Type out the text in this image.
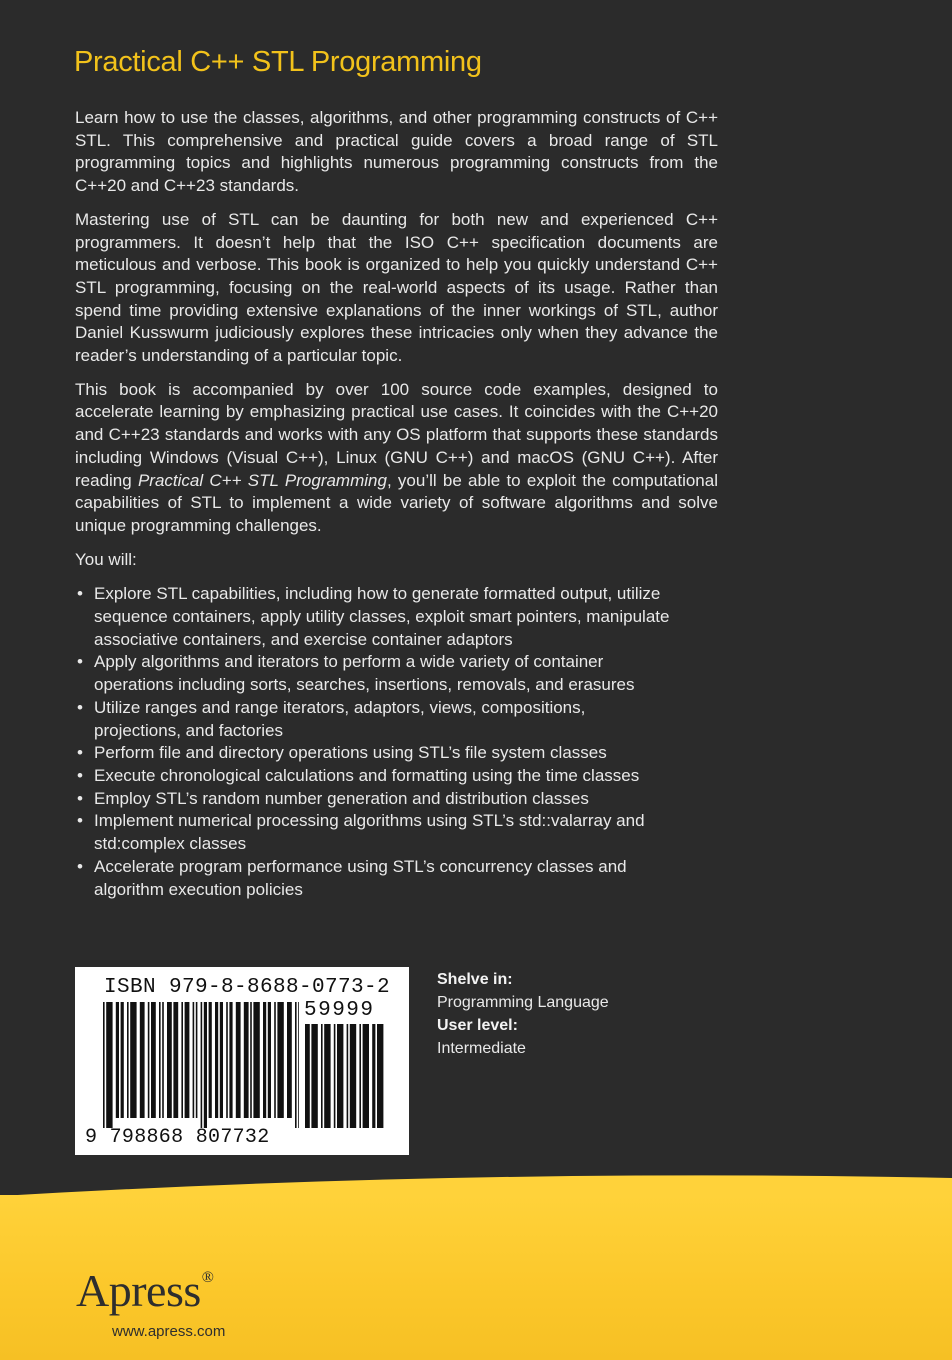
Practical C++ STL Programming

Learn how to use the classes, algorithms, and other programming constructs of C++ STL. This comprehensive and practical guide covers a broad range of STL programming topics and highlights numerous programming constructs from the C++20 and C++23 standards.

Mastering use of STL can be daunting for both new and experienced C++ programmers. It doesn’t help that the ISO C++ specification documents are meticulous and verbose. This book is organized to help you quickly understand C++ STL programming, focusing on the real-world aspects of its usage. Rather than spend time providing extensive explanations of the inner workings of STL, author Daniel Kusswurm judiciously explores these intricacies only when they advance the reader’s understanding of a particular topic.

This book is accompanied by over 100 source code examples, designed to accelerate learning by emphasizing practical use cases. It coincides with the C++20 and C++23 standards and works with any OS platform that supports these standards including Windows (Visual C++), Linux (GNU C++) and macOS (GNU C++). After reading Practical C++ STL Programming, you’ll be able to exploit the computational capabilities of STL to implement a wide variety of software algorithms and solve unique programming challenges.

You will:

• Explore STL capabilities, including how to generate formatted output, utilize sequence containers, apply utility classes, exploit smart pointers, manipulate associative containers, and exercise container adaptors
• Apply algorithms and iterators to perform a wide variety of container operations including sorts, searches, insertions, removals, and erasures
• Utilize ranges and range iterators, adaptors, views, compositions, projections, and factories
• Perform file and directory operations using STL’s file system classes
• Execute chronological calculations and formatting using the time classes
• Employ STL’s random number generation and distribution classes
• Implement numerical processing algorithms using STL’s std::valarray and std:complex classes
• Accelerate program performance using STL’s concurrency classes and algorithm execution policies
ISBN 979-8-8688-0773-2
59999
9 798868 807732
Shelve in:
Programming Language
User level:
Intermediate
Apress®
www.apress.com
